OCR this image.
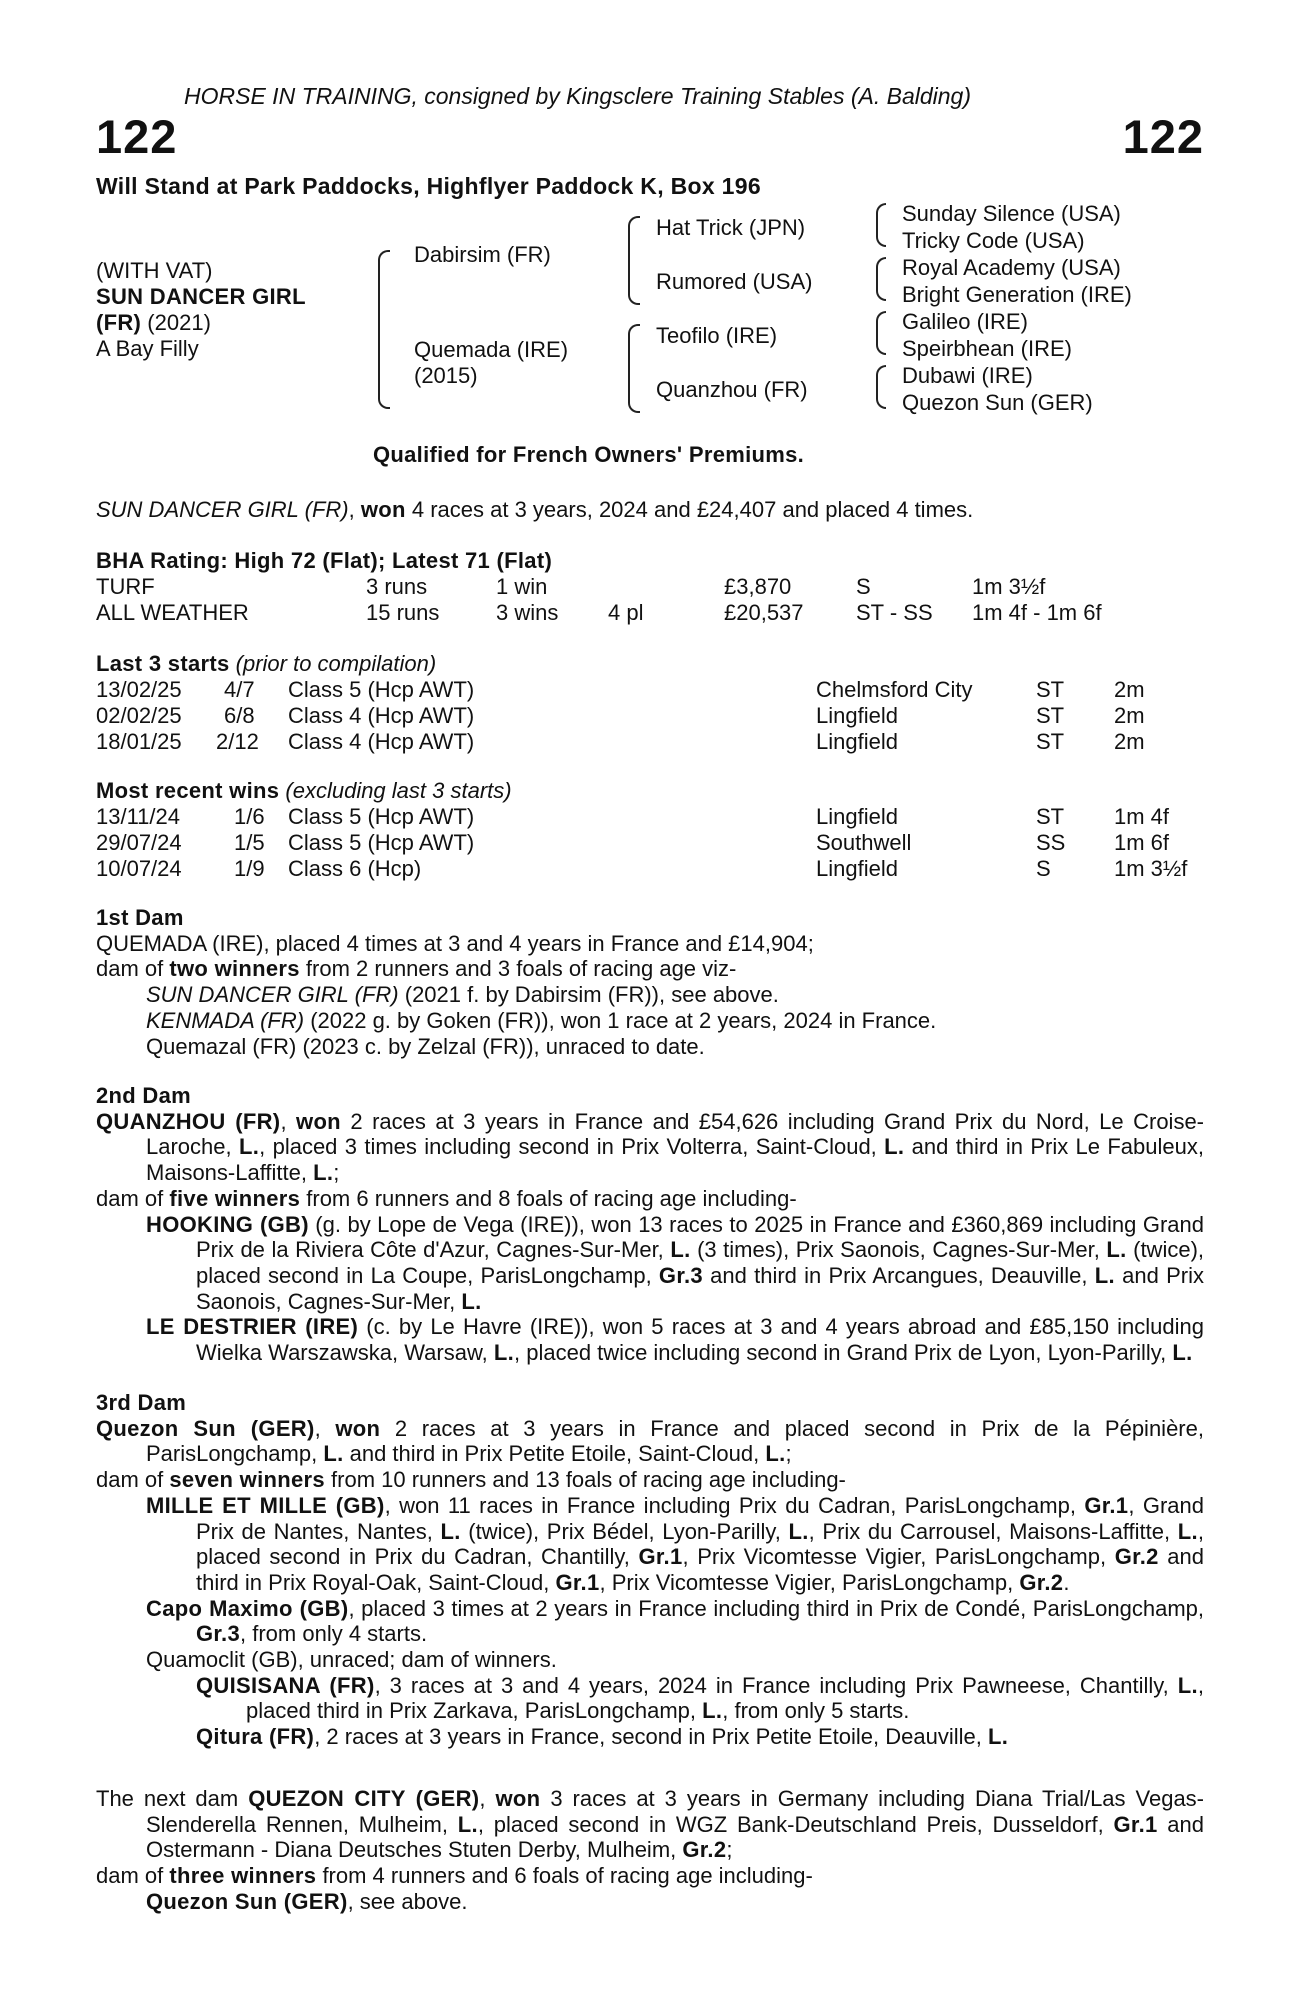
HORSE IN TRAINING, consigned by Kingsclere Training Stables (A. Balding)
122	122
Will Stand at Park Paddocks, Highflyer Paddock K, Box 196
(WITH VAT)
SUN DANCER GIRL
(FR) (2021)
A Bay Filly
Dabirsim (FR)
Quemada (IRE)
(2015)
Hat Trick (JPN)
Rumored (USA)
Teofilo (IRE)
Quanzhou (FR)
Sunday Silence (USA)
Tricky Code (USA)
Royal Academy (USA)
Bright Generation (IRE)
Galileo (IRE)
Speirbhean (IRE)
Dubawi (IRE)
Quezon Sun (GER)
Qualified for French Owners' Premiums.
SUN DANCER GIRL (FR), won 4 races at 3 years, 2024 and £24,407 and placed 4 times.
BHA Rating: High 72 (Flat); Latest 71 (Flat)
TURF	3 runs	1 win	£3,870	S	1m 3½f
ALL WEATHER	15 runs	3 wins 4 pl	£20,537 ST - SS 1m 4f - 1m 6f
Last 3 starts (prior to compilation)
13/02/25 4/7 Class 5 (Hcp AWT)	Chelmsford City	ST 2m
02/02/25 6/8 Class 4 (Hcp AWT)	Lingfield	ST 2m
18/01/25 2/12 Class 4 (Hcp AWT)	Lingfield	ST 2m
Most recent wins (excluding last 3 starts)
13/11/24 1/6 Class 5 (Hcp AWT)	Lingfield	ST 1m 4f
29/07/24 1/5 Class 5 (Hcp AWT)	Southwell	SS 1m 6f
10/07/24 1/9 Class 6 (Hcp)	Lingfield	S	1m 3½f

1st Dam

QUEMADA (IRE), placed 4 times at 3 and 4 years in France and £14,904;

dam of two winners from 2 runners and 3 foals of racing age viz-

SUN DANCER GIRL (FR) (2021 f. by Dabirsim (FR)), see above.

KENMADA (FR) (2022 g. by Goken (FR)), won 1 race at 2 years, 2024 in France.

Quemazal (FR) (2023 c. by Zelzal (FR)), unraced to date.

2nd Dam

QUANZHOU (FR), won 2 races at 3 years in France and £54,626 including Grand Prix du Nord, Le Croise-Laroche, L., placed 3 times including second in Prix Volterra, Saint-Cloud, L. and third in Prix Le Fabuleux, Maisons-Laffitte, L.;

dam of five winners from 6 runners and 8 foals of racing age including-

HOOKING (GB) (g. by Lope de Vega (IRE)), won 13 races to 2025 in France and £360,869 including Grand Prix de la Riviera Côte d'Azur, Cagnes-Sur-Mer, L. (3 times), Prix Saonois, Cagnes-Sur-Mer, L. (twice), placed second in La Coupe, ParisLongchamp, Gr.3 and third in Prix Arcangues, Deauville, L. and Prix Saonois, Cagnes-Sur-Mer, L.

LE DESTRIER (IRE) (c. by Le Havre (IRE)), won 5 races at 3 and 4 years abroad and £85,150 including Wielka Warszawska, Warsaw, L., placed twice including second in Grand Prix de Lyon, Lyon-Parilly, L.

3rd Dam

Quezon Sun (GER), won 2 races at 3 years in France and placed second in Prix de la Pépinière, ParisLongchamp, L. and third in Prix Petite Etoile, Saint-Cloud, L.;

dam of seven winners from 10 runners and 13 foals of racing age including-

MILLE ET MILLE (GB), won 11 races in France including Prix du Cadran, ParisLongchamp, Gr.1, Grand Prix de Nantes, Nantes, L. (twice), Prix Bédel, Lyon-Parilly, L., Prix du Carrousel, Maisons-Laffitte, L., placed second in Prix du Cadran, Chantilly, Gr.1, Prix Vicomtesse Vigier, ParisLongchamp, Gr.2 and third in Prix Royal-Oak, Saint-Cloud, Gr.1, Prix Vicomtesse Vigier, ParisLongchamp, Gr.2.

Capo Maximo (GB), placed 3 times at 2 years in France including third in Prix de Condé, ParisLongchamp, Gr.3, from only 4 starts.

Quamoclit (GB), unraced; dam of winners.

QUISISANA (FR), 3 races at 3 and 4 years, 2024 in France including Prix Pawneese, Chantilly, L., placed third in Prix Zarkava, ParisLongchamp, L., from only 5 starts.

Qitura (FR), 2 races at 3 years in France, second in Prix Petite Etoile, Deauville, L.

The next dam QUEZON CITY (GER), won 3 races at 3 years in Germany including Diana Trial/Las Vegas-Slenderella Rennen, Mulheim, L., placed second in WGZ Bank-Deutschland Preis, Dusseldorf, Gr.1 and Ostermann - Diana Deutsches Stuten Derby, Mulheim, Gr.2;

dam of three winners from 4 runners and 6 foals of racing age including-

Quezon Sun (GER), see above.
